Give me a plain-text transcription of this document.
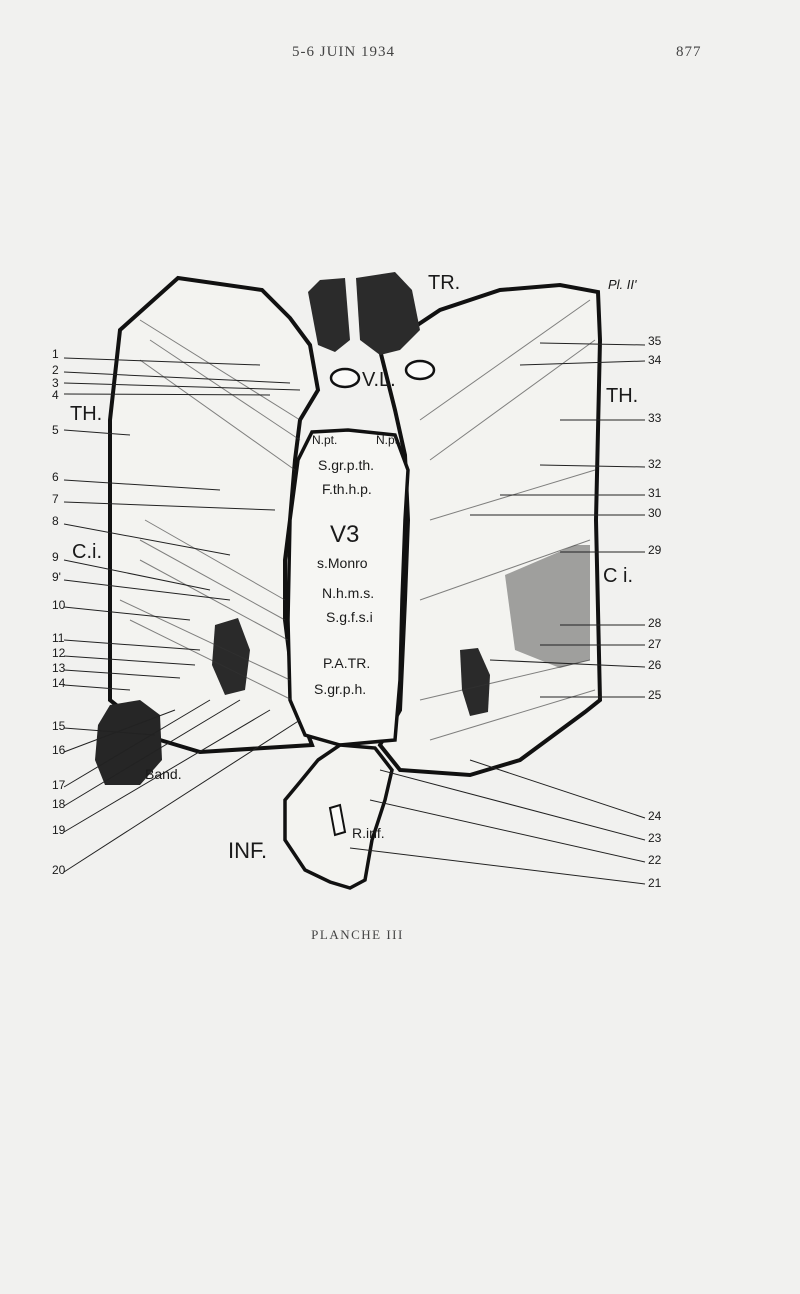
5-6 JUIN 1934	877
TR.
V.L.
TH.
TH.
C.i.
C i.
V3
N.pt.	N.pt.
S.gr.p.th.
F.th.h.p.
s.Monro
N.h.m.s.
S.g.f.s.i
P.A.TR.
S.gr.p.h.
Band.
INF.
R.inf.
Pl. II'
1
2
3
4
5
6
7
8
9
9'
10
11
12
13
14
15
16
17
18
19
20
35
34
33
32
31
30
29
28
27
26
25
24
23
22
21
PLANCHE III
